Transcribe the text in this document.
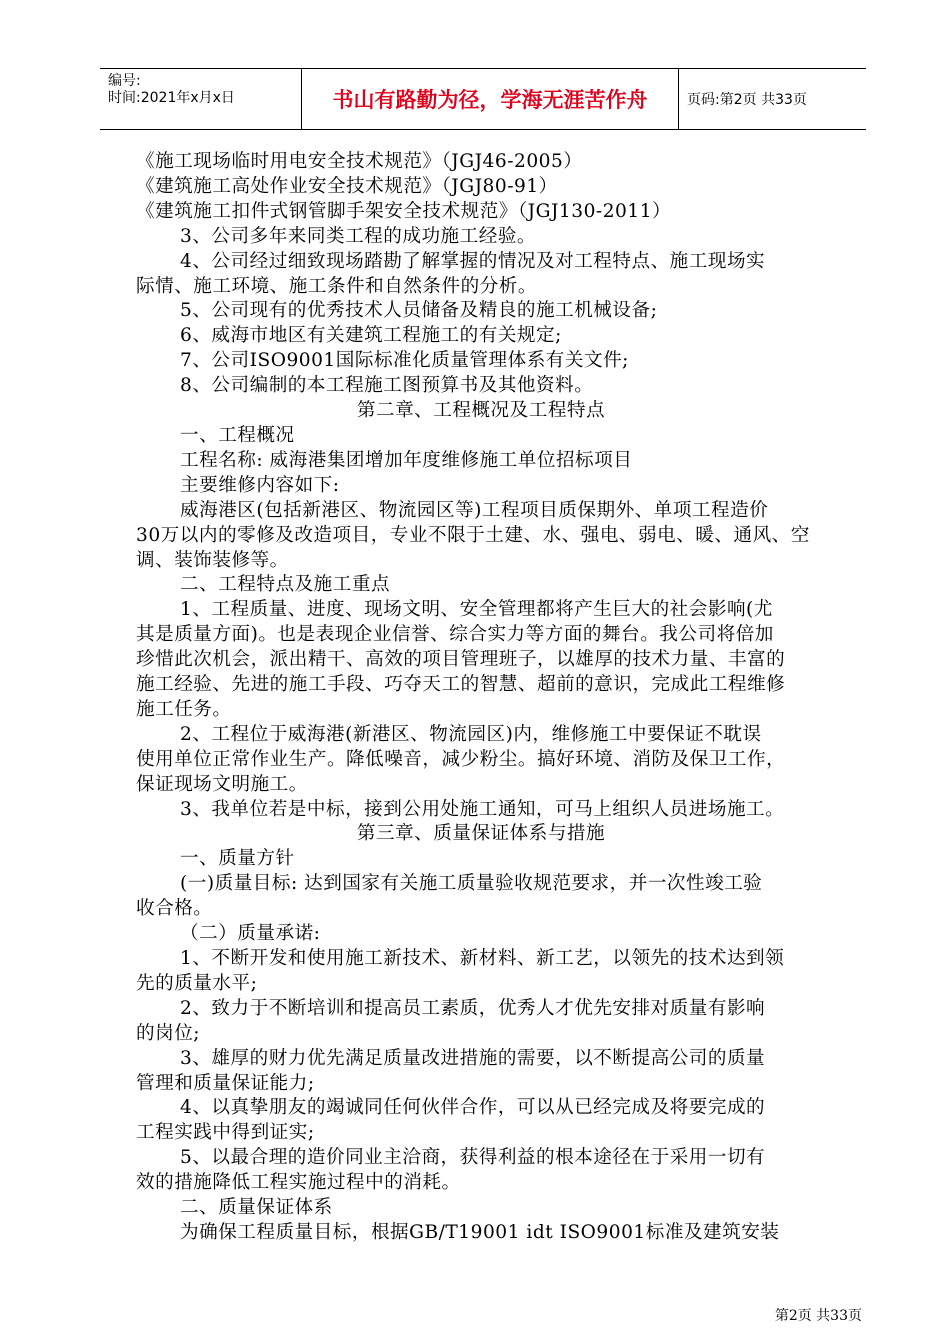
编号:
时间:2021年x月x日	书山有路勤为径，学海无涯苦作舟	页码:第2页 共33页
《施工现场临时用电安全技术规范》（JGJ46-2005）
《建筑施工高处作业安全技术规范》（JGJ80-91）
《建筑施工扣件式钢管脚手架安全技术规范》（JGJ130-2011）
3、公司多年来同类工程的成功施工经验。
4、公司经过细致现场踏勘了解掌握的情况及对工程特点、施工现场实
际情、施工环境、施工条件和自然条件的分析。
5、公司现有的优秀技术人员储备及精良的施工机械设备;
6、威海市地区有关建筑工程施工的有关规定;
7、公司ISO9001国际标准化质量管理体系有关文件;
8、公司编制的本工程施工图预算书及其他资料。
第二章、工程概况及工程特点
一、工程概况
工程名称: 威海港集团增加年度维修施工单位招标项目
主要维修内容如下:
威海港区(包括新港区、物流园区等)工程项目质保期外、单项工程造价
30万以内的零修及改造项目，专业不限于土建、水、强电、弱电、暖、通风、空
调、装饰装修等。
二、工程特点及施工重点
1、工程质量、进度、现场文明、安全管理都将产生巨大的社会影响(尤
其是质量方面)。也是表现企业信誉、综合实力等方面的舞台。我公司将倍加
珍惜此次机会，派出精干、高效的项目管理班子，以雄厚的技术力量、丰富的
施工经验、先进的施工手段、巧夺天工的智慧、超前的意识，完成此工程维修
施工任务。
2、工程位于威海港(新港区、物流园区)内，维修施工中要保证不耽误
使用单位正常作业生产。降低噪音，减少粉尘。搞好环境、消防及保卫工作，
保证现场文明施工。
3、我单位若是中标，接到公用处施工通知，可马上组织人员进场施工。
第三章、质量保证体系与措施
一、质量方针
(一)质量目标: 达到国家有关施工质量验收规范要求，并一次性竣工验
收合格。
（二）质量承诺:
1、不断开发和使用施工新技术、新材料、新工艺，以领先的技术达到领
先的质量水平;
2、致力于不断培训和提高员工素质，优秀人才优先安排对质量有影响
的岗位;
3、雄厚的财力优先满足质量改进措施的需要，以不断提高公司的质量
管理和质量保证能力;
4、以真挚朋友的竭诚同任何伙伴合作，可以从已经完成及将要完成的
工程实践中得到证实;
5、以最合理的造价同业主洽商，获得利益的根本途径在于采用一切有
效的措施降低工程实施过程中的消耗。
二、质量保证体系
为确保工程质量目标，根据GB/T19001 idt ISO9001标准及建筑安装
第2页 共33页
